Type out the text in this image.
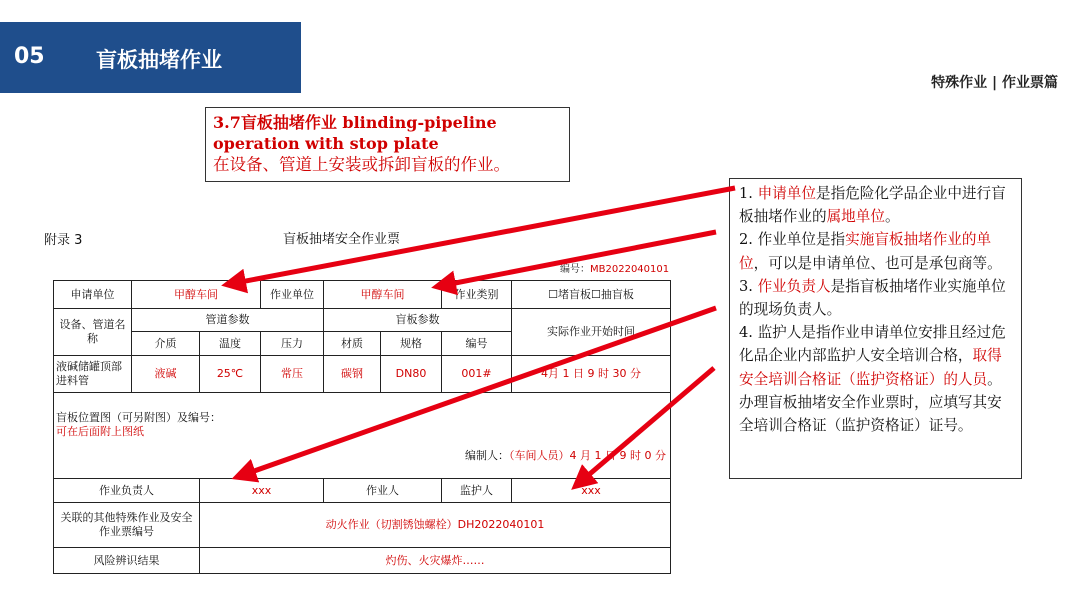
05 盲板抽堵作业
特殊作业 | 作业票篇
3.7盲板抽堵作业 blinding-pipeline
operation with stop plate
在设备、管道上安装或拆卸盲板的作业。
附录 3	盲板抽堵安全作业票
编号：MB2022040101
申请单位	甲醇车间		作业单位	甲醇车间		作业类别	☐堵盲板☐抽盲板
设备、管道名称	管道参数			盲板参数			实际作业开始时间
	介质	温度	压力	材质	规格	编号	
液碱储罐顶部进料管	液碱	25℃	常压	碳钢	DN80	001#	4月 1 日 9 时 30 分

盲板位置图（可另附图）及编号：
可在后面附上图纸
编制人：（车间人员）4 月 1 日 9 时 0 分							

作业负责人		xxx		作业人		监护人	xxx
关联的其他特殊作业及安全作业票编号		动火作业（切割锈蚀螺栓）DH2022040101					
风险辨识结果		灼伤、火灾爆炸……					
1. 申请单位是指危险化学品企业中进行盲板抽堵作业的属地单位。
2. 作业单位是指实施盲板抽堵作业的单位，可以是申请单位、也可是承包商等。
3. 作业负责人是指盲板抽堵作业实施单位的现场负责人。
4. 监护人是指作业申请单位安排且经过危化品企业内部监护人安全培训合格，取得安全培训合格证（监护资格证）的人员。办理盲板抽堵安全作业票时，应填写其安全培训合格证（监护资格证）证号。
